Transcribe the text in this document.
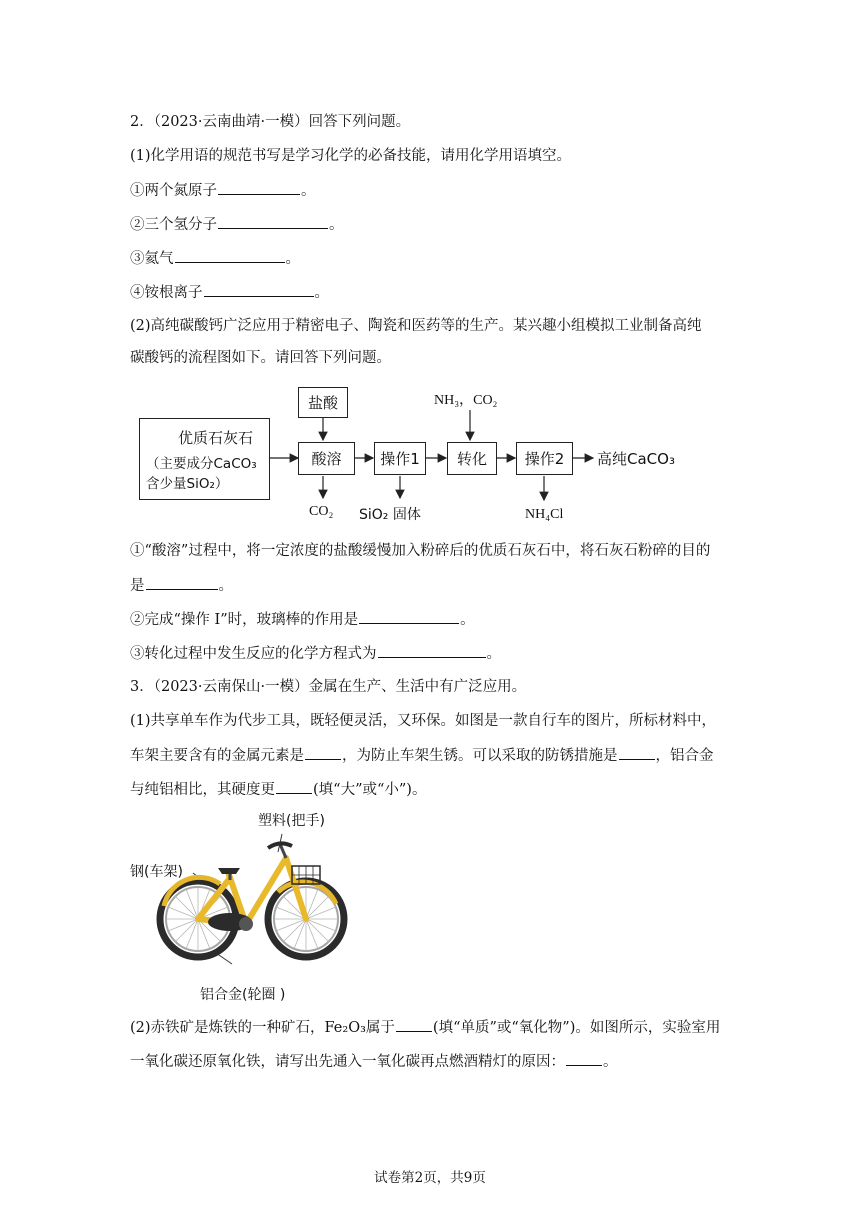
2．（2023·云南曲靖·一模）回答下列问题。
(1)化学用语的规范书写是学习化学的必备技能，请用化学用语填空。
①两个氮原子	。
②三个氢分子	。
③氦气	。
④铵根离子	。
(2)高纯碳酸钙广泛应用于精密电子、陶瓷和医药等的生产。某兴趣小组模拟工业制备高纯
碳酸钙的流程图如下。请回答下列问题。
优质石灰石
（主要成分CaCO₃
含少量SiO₂）
盐酸
酸溶	操作1	转化	操作2	高纯CaCO₃
NH₃，CO₂
CO₂ SiO₂ 固体	NH₄Cl
①“酸溶”过程中，将一定浓度的盐酸缓慢加入粉碎后的优质石灰石中，将石灰石粉碎的目的
是	。
②完成“操作 I”时，玻璃棒的作用是	。
③转化过程中发生反应的化学方程式为	。
3．（2023·云南保山·一模）金属在生产、生活中有广泛应用。
(1)共享单车作为代步工具，既轻便灵活，又环保。如图是一款自行车的图片，所标材料中，
车架主要含有的金属元素是	，为防止车架生锈。可以采取的防锈措施是	，铝合金
与纯铝相比，其硬度更	(填“大”或“小”)。
塑料(把手)
钢(车架)
铝合金(轮圈 )
(2)赤铁矿是炼铁的一种矿石，Fe₂O₃属于	(填“单质”或“氧化物”)。如图所示，实验室用
一氧化碳还原氧化铁，请写出先通入一氧化碳再点燃酒精灯的原因：	。
试卷第2页，共9页
